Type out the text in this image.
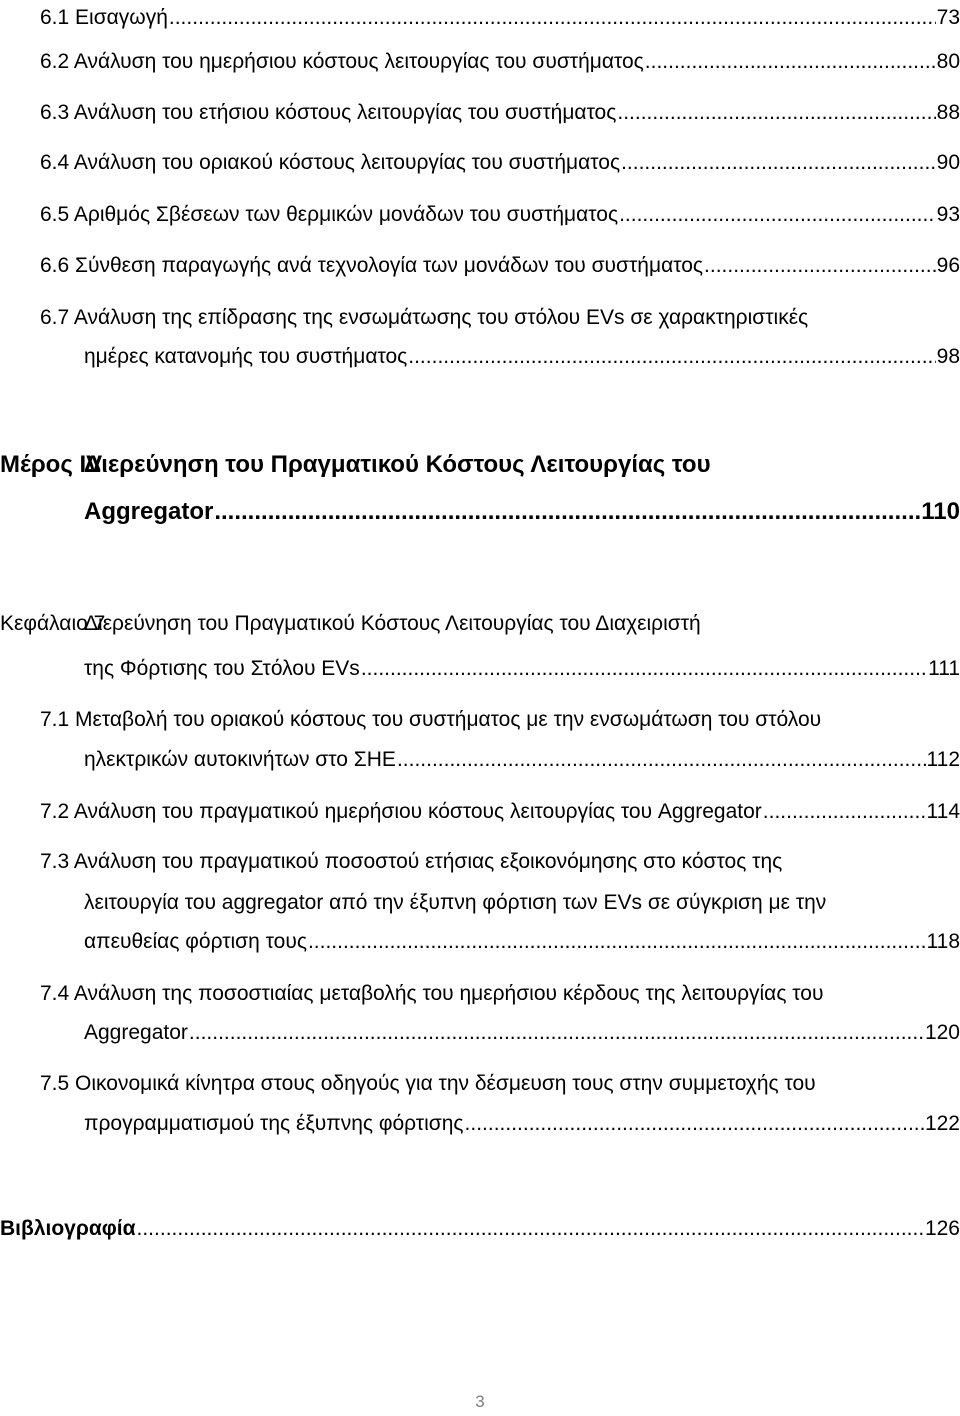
6.1 Εισαγωγή .....	73
6.2 Ανάλυση του ημερήσιου κόστους λειτουργίας του συστήματος .....	80
6.3 Ανάλυση του ετήσιου κόστους λειτουργίας του συστήματος .....	88
6.4 Ανάλυση του οριακού κόστους λειτουργίας του συστήματος .....	90
6.5 Αριθμός Σβέσεων των θερμικών μονάδων του συστήματος .....	93
6.6 Σύνθεση παραγωγής ανά τεχνολογία των μονάδων του συστήματος .....	96
6.7 Ανάλυση της επίδρασης της ενσωμάτωσης του στόλου EVs σε χαρακτηριστικές
ημέρες κατανομής του συστήματος .....	98
Μέρος IV
Διερεύνηση του Πραγματικού Κόστους Λειτουργίας του
Aggregator .....	110
Κεφάλαιο 7
Διερεύνηση του Πραγματικού Κόστους Λειτουργίας του Διαχειριστή
της Φόρτισης του Στόλου EVs .....	111
7.1 Μεταβολή του οριακού κόστους του συστήματος με την ενσωμάτωση του στόλου
ηλεκτρικών αυτοκινήτων στο ΣΗΕ .....	112
7.2 Ανάλυση του πραγματικού ημερήσιου κόστους λειτουργίας του Aggregator .....	114
7.3 Ανάλυση του πραγματικού ποσοστού ετήσιας εξοικονόμησης στο κόστος της
λειτουργία του aggregator από την έξυπνη φόρτιση των EVs σε σύγκριση με την
απευθείας φόρτιση τους .....	118
7.4 Ανάλυση της ποσοστιαίας μεταβολής του ημερήσιου κέρδους της λειτουργίας του
Aggregator .....	120
7.5 Οικονομικά κίνητρα στους οδηγούς για την δέσμευση τους στην συμμετοχής του
προγραμματισμού της έξυπνης φόρτισης .....	122
Βιβλιογραφία .....	126
3
